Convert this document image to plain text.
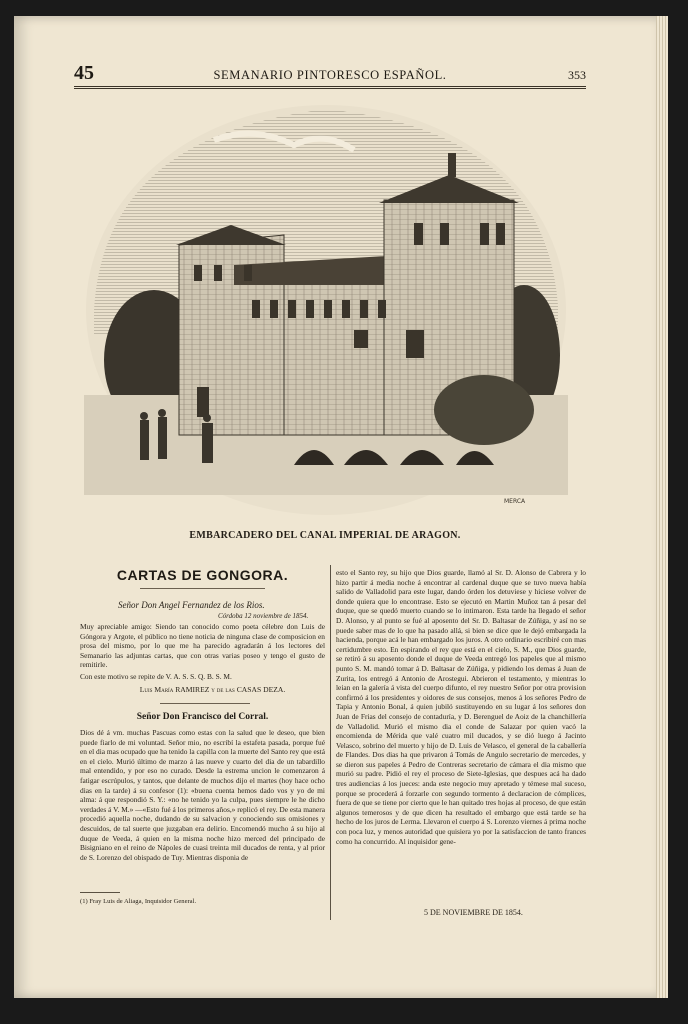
45	SEMANARIO PINTORESCO ESPAÑOL.	353
MERCA
EMBARCADERO DEL CANAL IMPERIAL DE ARAGON.
CARTAS DE GONGORA.
Señor Don Angel Fernandez de los Rios.
Córdoba 12 noviembre de 1854.
Muy apreciable amigo: Siendo tan conocido como poeta célebre don Luis de Góngora y Argote, el público no tiene noticia de ninguna clase de composicion en prosa del mismo, por lo que me ha parecido agradarán á los lectores del Semanario las adjuntas cartas, que con otras varias poseo y tengo el gusto de remitirle.
Con este motivo se repite de V. A. S. S. Q. B. S. M.
Luis María RAMIREZ y de las CASAS DEZA.
Señor Don Francisco del Corral.
Dios dé á vm. muchas Pascuas como estas con la salud que le deseo, que bien puede fiarlo de mi voluntad. Señor mio, no escribí la estafeta pasada, porque fué en el dia mas ocupado que ha tenido la capilla con la muerte del Santo rey que está en el cielo. Murió último de marzo á las nueve y cuarto del dia de un tabardillo mal entendido, y por eso no curado. Desde la estrema uncion le comenzaron á fatigar escrúpulos, y tantos, que delante de muchos dijo el martes (hoy hace ocho dias en la tarde) á su confesor (1): «buena cuenta hemos dado vos y yo de mi alma: á que respondió S. Y.: «no he tenido yo la culpa, pues siempre le he dicho verdades á V. M.» —«Esto fué á los primeros años,» replicó el rey. De esta manera procedió aquella noche, dudando de su salvacion y conociendo sus omisiones y descuidos, de tal suerte que juzgaban era delirio. Encomendó mucho á su hijo al duque de Veeda, á quien en la misma noche hizo merced del principado de Bisigniano en el reino de Nápoles de cuasi treinta mil ducados de renta, y al prior de S. Lorenzo del obispado de Tuy. Mientras disponia de
(1) Fray Luis de Aliaga, Inquisidor General.
esto el Santo rey, su hijo que Dios guarde, llamó al Sr. D. Alonso de Cabrera y lo hizo partir á media noche á encontrar al cardenal duque que se tuvo nueva había salido de Valladolid para este lugar, dando órden los detuviese y hiciese volver de donde quiera que lo encontrase. Esto se ejecutó en Martin Muñoz tan á pesar del duque, que se quedó muerto cuando se lo intimaron. Esta tarde ha llegado el señor D. Alonso, y al punto se fué al aposento del Sr. D. Baltasar de Zúñiga, y así no se puede saber mas de lo que ha pasado allá, si bien se dice que le dejó embargada la hacienda, porque acá le han embargado los juros. A otro ordinario escribiré con mas certidumbre esto. En espirando el rey que está en el cielo, S. M., que Dios guarde, se retiró á su aposento donde el duque de Veeda entregó los papeles que al mismo punto S. M. mandó tomar á D. Baltasar de Zúñiga, y pidiendo los demas á Juan de Zurita, los entregó á Antonio de Arostegui. Abrieron el testamento, y mientras lo leian en la galería á vista del cuerpo difunto, el rey nuestro Señor por otra provision confirmó á los presidentes y oidores de sus consejos, menos á los señores Pedro de Tapia y Antonio Bonal, á quien jubiló sustituyendo en su lugar á los señores don Juan de Frias del consejo de contaduría, y D. Berenguel de Aoiz de la chanchillería de Valladolid. Murió el mismo dia el conde de Salazar por quien vacó la encomienda de Mérida que valé cuatro mil ducados, y se dió luego á Jacinto Velasco, sobrino del muerto y hijo de D. Luis de Velasco, el general de la caballería de Flandes. Dos dias ha que privaron á Tomás de Angulo secretario de mercedes, y se dieron sus papeles á Pedro de Contreras secretario de cámara el dia mismo que murió su padre. Pidió el rey el proceso de Siete-Iglesias, que despues acá ha dado tres audiencias á los jueces: anda este negocio muy apretado y témese mal suceso, porque se procederá á forzarle con segundo tormento á declaracion de cómplices, fuera de que se tiene por cierto que le han quitado tres hojas al proceso, de que están algunos temerosos y de que dicen ha resultado el embargo que está tarde se ha hecho de los juros de Lerma. Llevaron el cuerpo á S. Lorenzo viernes á prima noche con poca luz, y menos autoridad que quisiera yo por la satisfaccion de tanto frances como ha concurrido. Al inquisidor gene-
5 DE NOVIEMBRE DE 1854.
